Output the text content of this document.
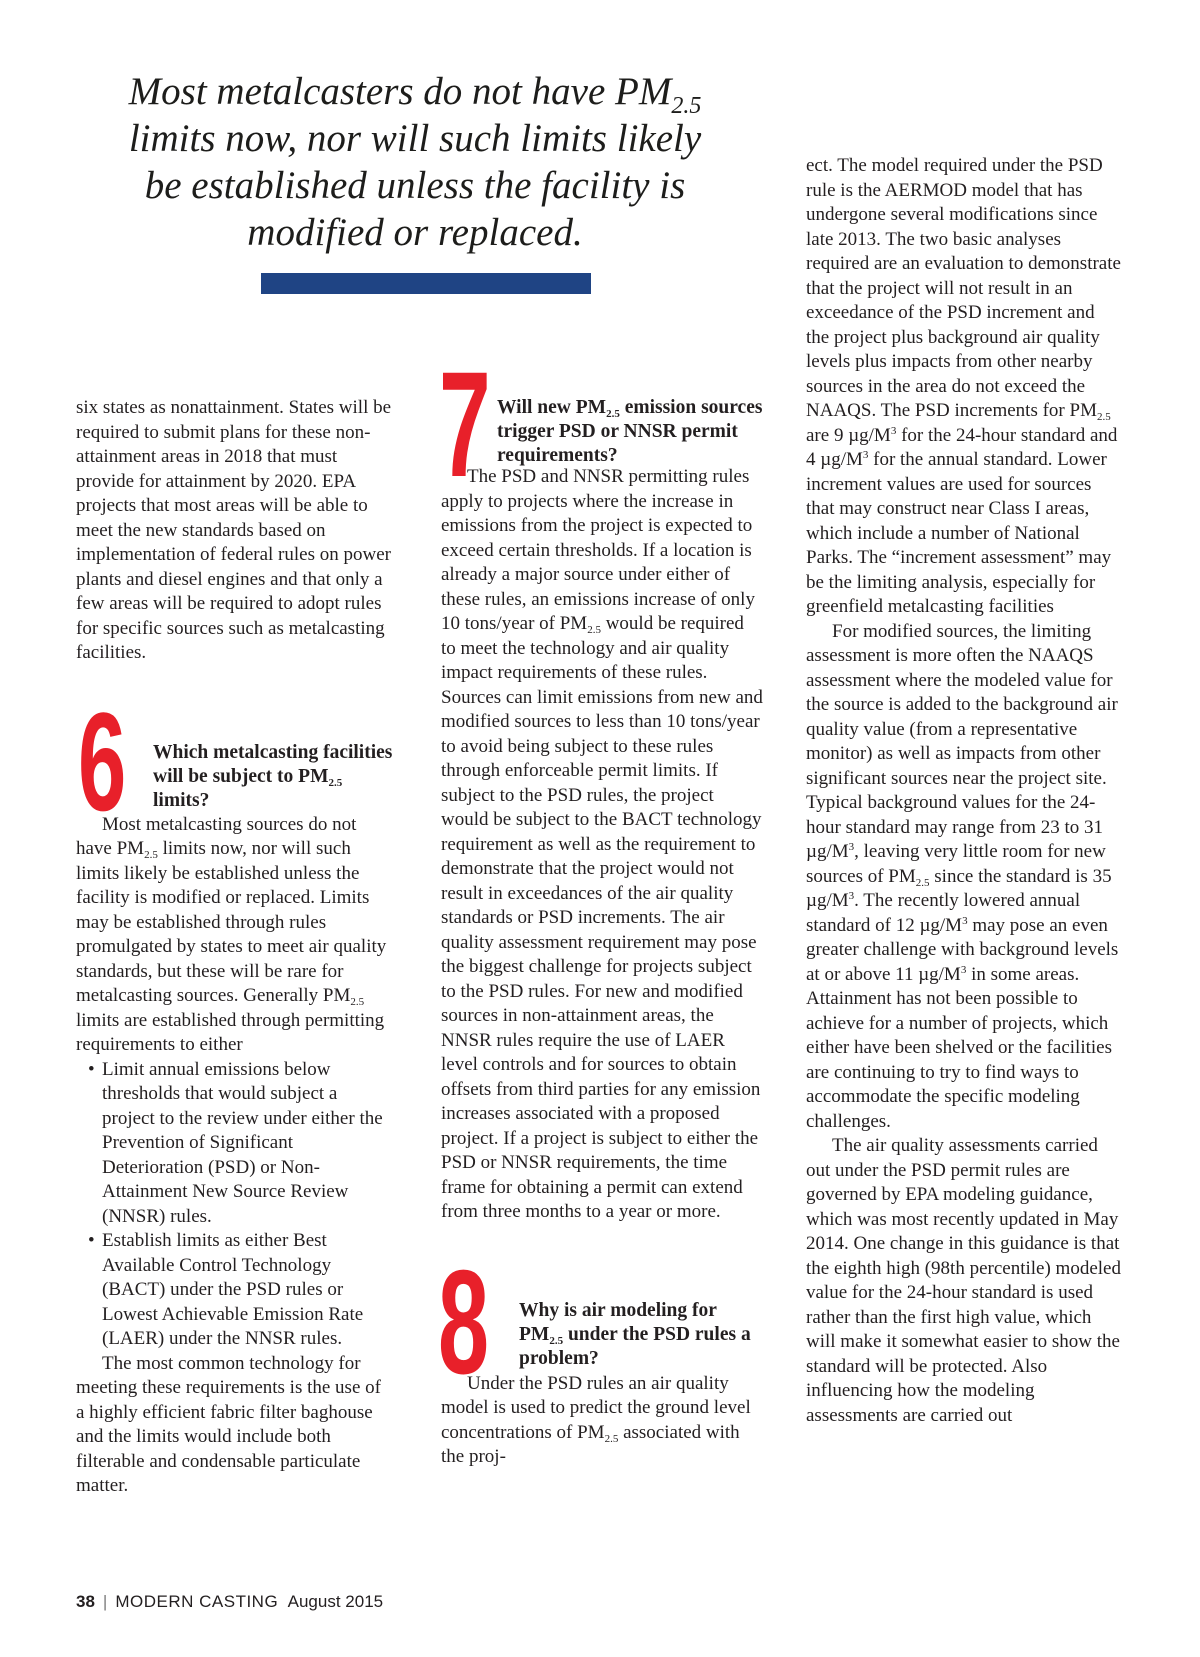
Most metalcasters do not have $PM_{2.5}$
limits now, nor will such limits likely
be established unless the facility is
modified or replaced.

six states as nonattainment. States will be required to submit plans for these non-attainment areas in 2018 that must provide for attainment by 2020. EPA projects that most areas will be able to meet the new standards based on implementation of federal rules on power plants and diesel engines and that only a few areas will be required to adopt rules for specific sources such as metalcasting facilities.

6 Which metalcasting facilities will be subject to $PM_{2.5}$ limits?

Most metalcasting sources do not have $PM_{2.5}$ limits now, nor will such limits likely be established unless the facility is modified or replaced. Limits may be established through rules promulgated by states to meet air quality standards, but these will be rare for metalcasting sources. Generally $PM_{2.5}$ limits are established through permitting requirements to either

• Limit annual emissions below thresholds that would subject a project to the review under either the Prevention of Significant Deterioration (PSD) or Non-Attainment New Source Review (NNSR) rules.
• Establish limits as either Best Available Control Technology (BACT) under the PSD rules or Lowest Achievable Emission Rate (LAER) under the NNSR rules.

The most common technology for meeting these requirements is the use of a highly efficient fabric filter baghouse and the limits would include both filterable and condensable particulate matter.

7 Will new $PM_{2.5}$ emission sources trigger PSD or NNSR permit requirements?

The PSD and NNSR permitting rules apply to projects where the increase in emissions from the project is expected to exceed certain thresholds. If a location is already a major source under either of these rules, an emissions increase of only 10 tons/year of $PM_{2.5}$ would be required to meet the technology and air quality impact requirements of these rules. Sources can limit emissions from new and modified sources to less than 10 tons/year to avoid being subject to these rules through enforceable permit limits. If subject to the PSD rules, the project would be subject to the BACT technology requirement as well as the requirement to demonstrate that the project would not result in exceedances of the air quality standards or PSD increments. The air quality assessment requirement may pose the biggest challenge for projects subject to the PSD rules. For new and modified sources in non-attainment areas, the NNSR rules require the use of LAER level controls and for sources to obtain offsets from third parties for any emission increases associated with a proposed project. If a project is subject to either the PSD or NNSR requirements, the time frame for obtaining a permit can extend from three months to a year or more.

8 Why is air modeling for $PM_{2.5}$ under the PSD rules a problem?

Under the PSD rules an air quality model is used to predict the ground level concentrations of $PM_{2.5}$ associated with the proj-

ect. The model required under the PSD rule is the AERMOD model that has undergone several modifications since late 2013. The two basic analyses required are an evaluation to demonstrate that the project will not result in an exceedance of the PSD increment and the project plus background air quality levels plus impacts from other nearby sources in the area do not exceed the NAAQS. The PSD increments for $PM_{2.5}$ are 9 $\mu g/M^3$ for the 24-hour standard and 4 $\mu g/M^3$ for the annual standard. Lower increment values are used for sources that may construct near Class I areas, which include a number of National Parks. The “increment assessment” may be the limiting analysis, especially for greenfield metalcasting facilities

For modified sources, the limiting assessment is more often the NAAQS assessment where the modeled value for the source is added to the background air quality value (from a representative monitor) as well as impacts from other significant sources near the project site. Typical background values for the 24-hour standard may range from 23 to 31 $\mu g/M^3$, leaving very little room for new sources of $PM_{2.5}$ since the standard is 35 $\mu g/M^3$. The recently lowered annual standard of 12 $\mu g/M^3$ may pose an even greater challenge with background levels at or above 11 $\mu g/M^3$ in some areas. Attainment has not been possible to achieve for a number of projects, which either have been shelved or the facilities are continuing to try to find ways to accommodate the specific modeling challenges.

The air quality assessments carried out under the PSD permit rules are governed by EPA modeling guidance, which was most recently updated in May 2014. One change in this guidance is that the eighth high (98th percentile) modeled value for the 24-hour standard is used rather than the first high value, which will make it somewhat easier to show the standard will be protected. Also influencing how the modeling assessments are carried out

38 | MODERN CASTING August 2015
